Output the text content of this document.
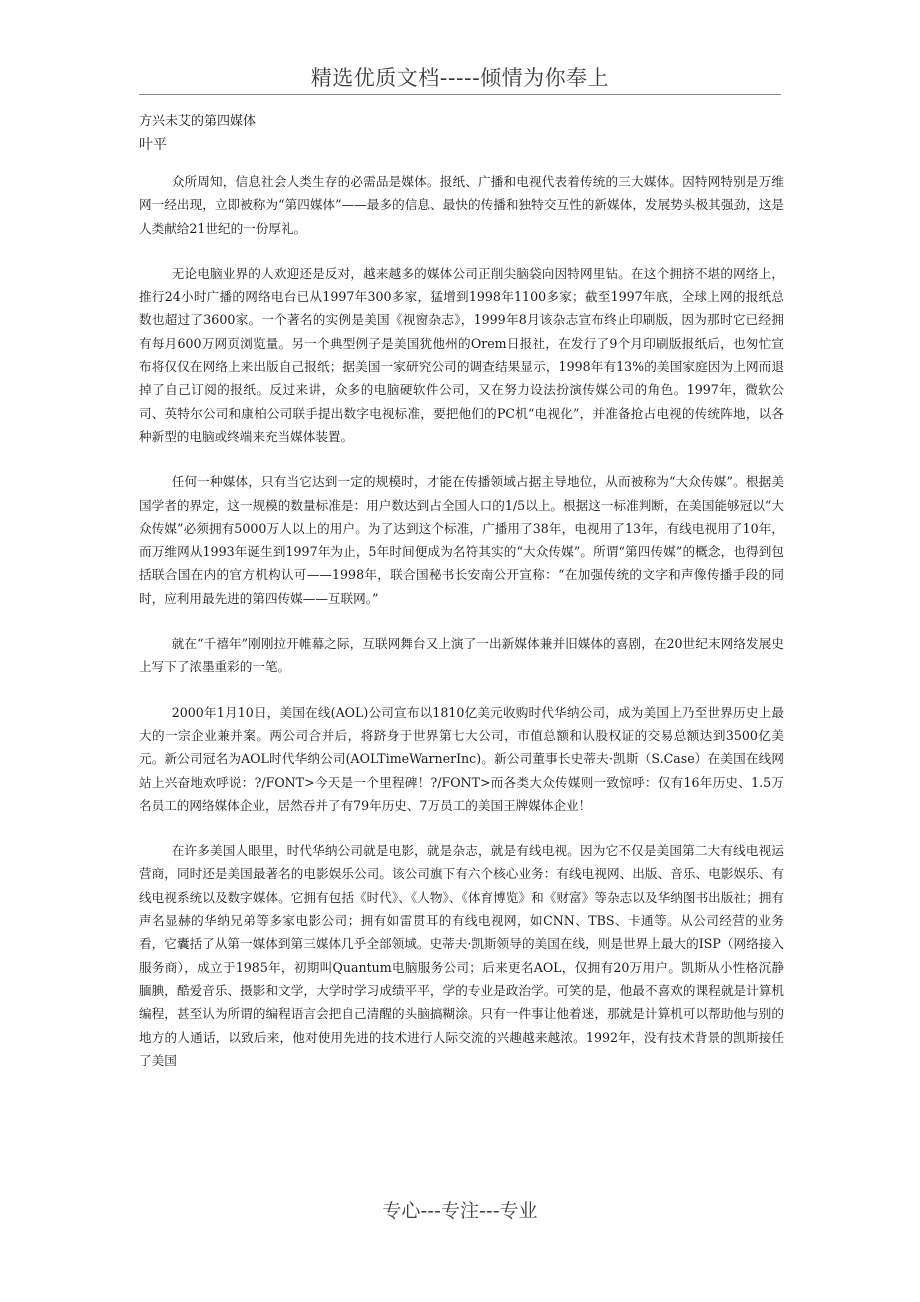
精选优质文档-----倾情为你奉上

方兴未艾的第四媒体

叶平

众所周知，信息社会人类生存的必需品是媒体。报纸、广播和电视代表着传统的三大媒体。因特网特别是万维网一经出现，立即被称为“第四媒体”——最多的信息、最快的传播和独特交互性的新媒体，发展势头极其强劲，这是人类献给21世纪的一份厚礼。

无论电脑业界的人欢迎还是反对，越来越多的媒体公司正削尖脑袋向因特网里钻。在这个拥挤不堪的网络上，推行24小时广播的网络电台已从1997年300多家，猛增到1998年1100多家；截至1997年底，全球上网的报纸总数也超过了3600家。一个著名的实例是美国《视窗杂志》，1999年8月该杂志宣布终止印刷版，因为那时它已经拥有每月600万网页浏览量。另一个典型例子是美国犹他州的Orem日报社，在发行了9个月印刷版报纸后，也匆忙宣布将仅仅在网络上来出版自己报纸；据美国一家研究公司的调查结果显示，1998年有13%的美国家庭因为上网而退掉了自己订阅的报纸。反过来讲，众多的电脑硬软件公司，又在努力设法扮演传媒公司的角色。1997年，微软公司、英特尔公司和康柏公司联手提出数字电视标准，要把他们的PC机“电视化”，并准备抢占电视的传统阵地，以各种新型的电脑或终端来充当媒体装置。

任何一种媒体，只有当它达到一定的规模时，才能在传播领域占据主导地位，从而被称为“大众传媒”。根据美国学者的界定，这一规模的数量标准是：用户数达到占全国人口的1/5以上。根据这一标准判断，在美国能够冠以“大众传媒”必须拥有5000万人以上的用户。为了达到这个标准，广播用了38年，电视用了13年，有线电视用了10年，而万维网从1993年诞生到1997年为止，5年时间便成为名符其实的“大众传媒”。所谓“第四传媒”的概念，也得到包括联合国在内的官方机构认可——1998年，联合国秘书长安南公开宣称：“在加强传统的文字和声像传播手段的同时，应利用最先进的第四传媒——互联网。”

就在“千禧年”刚刚拉开帷幕之际，互联网舞台又上演了一出新媒体兼并旧媒体的喜剧，在20世纪末网络发展史上写下了浓墨重彩的一笔。

2000年1月10日，美国在线(AOL)公司宣布以1810亿美元收购时代华纳公司，成为美国上乃至世界历史上最大的一宗企业兼并案。两公司合并后，将跻身于世界第七大公司，市值总额和认股权证的交易总额达到3500亿美元。新公司冠名为AOL时代华纳公司(AOLTimeWarnerInc)。新公司董事长史蒂夫·凯斯（S.Case）在美国在线网站上兴奋地欢呼说：?/FONT>今天是一个里程碑！?/FONT>而各类大众传媒则一致惊呼：仅有16年历史、1.5万名员工的网络媒体企业，居然吞并了有79年历史、7万员工的美国王牌媒体企业！

在许多美国人眼里，时代华纳公司就是电影，就是杂志，就是有线电视。因为它不仅是美国第二大有线电视运营商，同时还是美国最著名的电影娱乐公司。该公司旗下有六个核心业务：有线电视网、出版、音乐、电影娱乐、有线电视系统以及数字媒体。它拥有包括《时代》、《人物》、《体育博览》和《财富》等杂志以及华纳图书出版社；拥有声名显赫的华纳兄弟等多家电影公司；拥有如雷贯耳的有线电视网，如CNN、TBS、卡通等。从公司经营的业务看，它囊括了从第一媒体到第三媒体几乎全部领域。史蒂夫·凯斯领导的美国在线，则是世界上最大的ISP（网络接入服务商），成立于1985年，初期叫Quantum电脑服务公司；后来更名AOL，仅拥有20万用户。凯斯从小性格沉静腼腆，酷爱音乐、摄影和文学，大学时学习成绩平平，学的专业是政治学。可笑的是，他最不喜欢的课程就是计算机编程，甚至认为所谓的编程语言会把自己清醒的头脑搞糊涂。只有一件事让他着迷，那就是计算机可以帮助他与别的地方的人通话，以致后来，他对使用先进的技术进行人际交流的兴趣越来越浓。1992年，没有技术背景的凯斯接任了美国

专心---专注---专业
